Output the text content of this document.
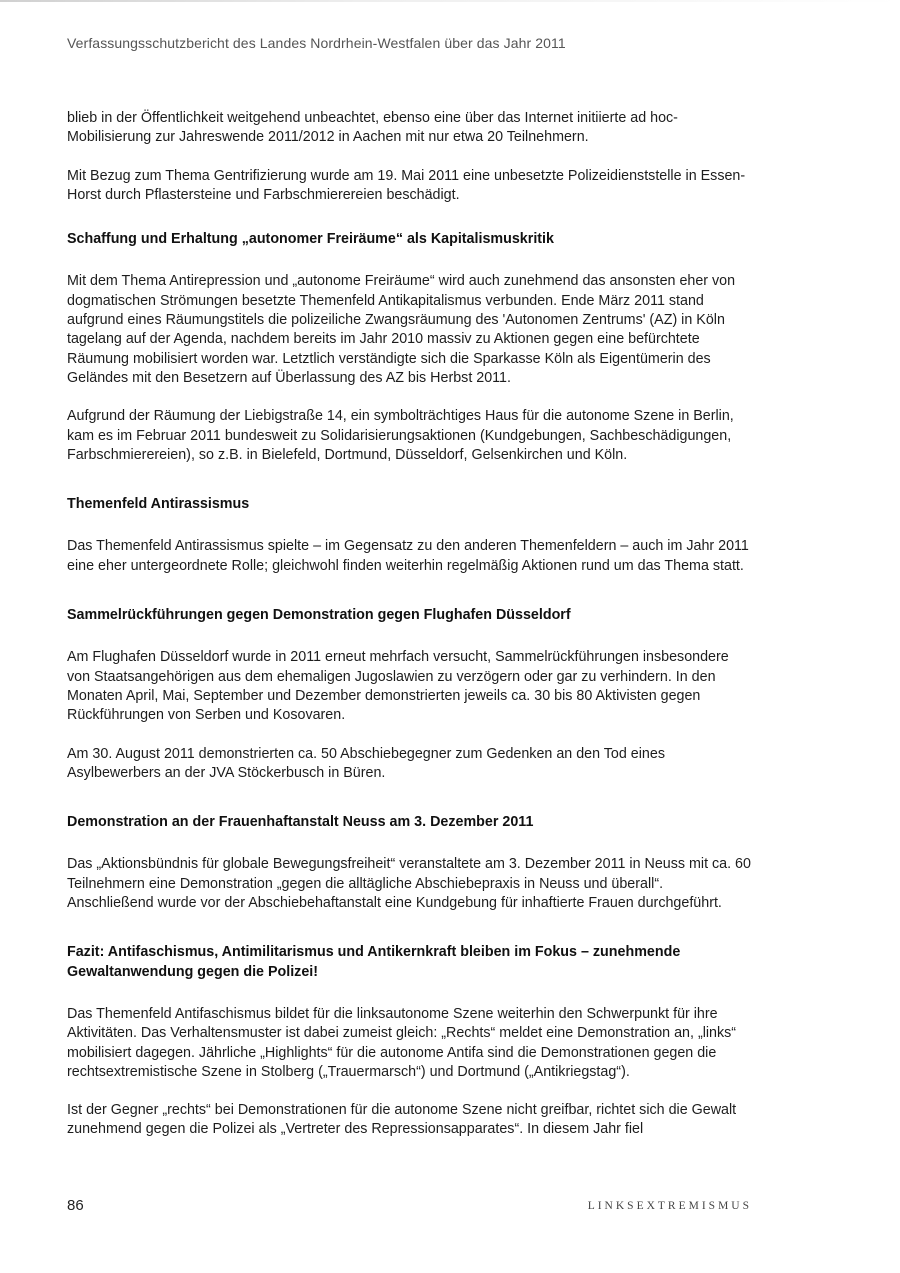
Verfassungsschutzbericht des Landes Nordrhein-Westfalen über das Jahr 2011

blieb in der Öffentlichkeit weitgehend unbeachtet, ebenso eine über das Internet initiierte ad hoc-Mobilisierung zur Jahreswende 2011/2012 in Aachen mit nur etwa 20 Teilnehmern.

Mit Bezug zum Thema Gentrifizierung wurde am 19. Mai 2011 eine unbesetzte Polizeidienststelle in Essen-Horst durch Pflastersteine und Farbschmierereien beschädigt.

Schaffung und Erhaltung „autonomer Freiräume“ als Kapitalismuskritik

Mit dem Thema Antirepression und „autonome Freiräume“ wird auch zunehmend das ansonsten eher von dogmatischen Strömungen besetzte Themenfeld Antikapitalismus verbunden. Ende März 2011 stand aufgrund eines Räumungstitels die polizeiliche Zwangsräumung des 'Autonomen Zentrums' (AZ) in Köln tagelang auf der Agenda, nachdem bereits im Jahr 2010 massiv zu Aktionen gegen eine befürchtete Räumung mobilisiert worden war. Letztlich verständigte sich die Sparkasse Köln als Eigentümerin des Geländes mit den Besetzern auf Überlassung des AZ bis Herbst 2011.

Aufgrund der Räumung der Liebigstraße 14, ein symbolträchtiges Haus für die autonome Szene in Berlin, kam es im Februar 2011 bundesweit zu Solidarisierungsaktionen (Kundgebungen, Sachbeschädigungen, Farbschmierereien), so z.B. in Bielefeld, Dortmund, Düsseldorf, Gelsenkirchen und Köln.

Themenfeld Antirassismus

Das Themenfeld Antirassismus spielte – im Gegensatz zu den anderen Themenfeldern – auch im Jahr 2011 eine eher untergeordnete Rolle; gleichwohl finden weiterhin regelmäßig Aktionen rund um das Thema statt.

Sammelrückführungen gegen Demonstration gegen Flughafen Düsseldorf

Am Flughafen Düsseldorf wurde in 2011 erneut mehrfach versucht, Sammelrückführungen insbesondere von Staatsangehörigen aus dem ehemaligen Jugoslawien zu verzögern oder gar zu verhindern. In den Monaten April, Mai, September und Dezember demonstrierten jeweils ca. 30 bis 80 Aktivisten gegen Rückführungen von Serben und Kosovaren.

Am 30. August 2011 demonstrierten ca. 50 Abschiebegegner zum Gedenken an den Tod eines Asylbewerbers an der JVA Stöckerbusch in Büren.

Demonstration an der Frauenhaftanstalt Neuss am 3. Dezember 2011

Das „Aktionsbündnis für globale Bewegungsfreiheit“ veranstaltete am 3. Dezember 2011 in Neuss mit ca. 60 Teilnehmern eine Demonstration „gegen die alltägliche Abschiebepraxis in Neuss und überall“. Anschließend wurde vor der Abschiebehaftanstalt eine Kundgebung für inhaftierte Frauen durchgeführt.

Fazit: Antifaschismus, Antimilitarismus und Antikernkraft bleiben im Fokus – zunehmende Gewaltanwendung gegen die Polizei!

Das Themenfeld Antifaschismus bildet für die linksautonome Szene weiterhin den Schwerpunkt für ihre Aktivitäten. Das Verhaltensmuster ist dabei zumeist gleich: „Rechts“ meldet eine Demonstration an, „links“ mobilisiert dagegen. Jährliche „Highlights“ für die autonome Antifa sind die Demonstrationen gegen die rechtsextremistische Szene in Stolberg („Trauermarsch“) und Dortmund („Antikriegstag“).

Ist der Gegner „rechts“ bei Demonstrationen für die autonome Szene nicht greifbar, richtet sich die Gewalt zunehmend gegen die Polizei als „Vertreter des Repressionsapparates“. In diesem Jahr fiel

86	LINKSEXTREMISMUS
